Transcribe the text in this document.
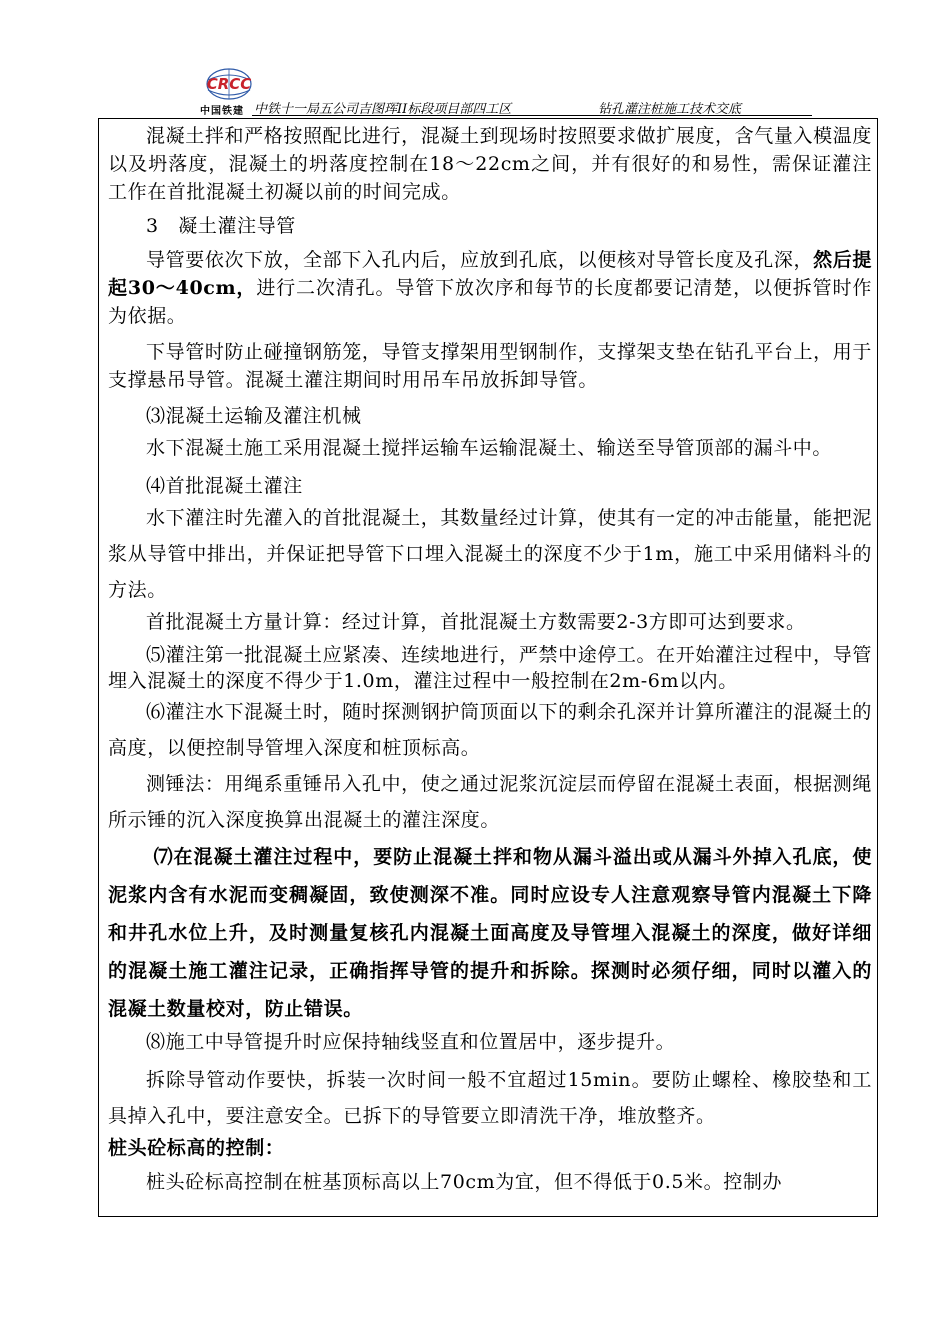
CRCC
中国铁建 中铁十一局五公司吉图珲II标段项目部四工区	钻孔灌注桩施工技术交底

混凝土拌和严格按照配比进行，混凝土到现场时按照要求做扩展度，含气量入模温度以及坍落度，混凝土的坍落度控制在18～22cm之间，并有很好的和易性，需保证灌注工作在首批混凝土初凝以前的时间完成。

3　凝土灌注导管

导管要依次下放，全部下入孔内后，应放到孔底，以便核对导管长度及孔深，然后提起30～40cm，进行二次清孔。导管下放次序和每节的长度都要记清楚，以便拆管时作为依据。

下导管时防止碰撞钢筋笼，导管支撑架用型钢制作，支撑架支垫在钻孔平台上，用于支撑悬吊导管。混凝土灌注期间时用吊车吊放拆卸导管。

⑶混凝土运输及灌注机械

水下混凝土施工采用混凝土搅拌运输车运输混凝土、输送至导管顶部的漏斗中。

⑷首批混凝土灌注

水下灌注时先灌入的首批混凝土，其数量经过计算，使其有一定的冲击能量，能把泥浆从导管中排出，并保证把导管下口埋入混凝土的深度不少于1m，施工中采用储料斗的方法。

首批混凝土方量计算：经过计算，首批混凝土方数需要2-3方即可达到要求。

⑸灌注第一批混凝土应紧凑、连续地进行，严禁中途停工。在开始灌注过程中，导管埋入混凝土的深度不得少于1.0m，灌注过程中一般控制在2m-6m以内。

⑹灌注水下混凝土时，随时探测钢护筒顶面以下的剩余孔深并计算所灌注的混凝土的高度，以便控制导管埋入深度和桩顶标高。

测锤法：用绳系重锤吊入孔中，使之通过泥浆沉淀层而停留在混凝土表面，根据测绳所示锤的沉入深度换算出混凝土的灌注深度。

⑺在混凝土灌注过程中，要防止混凝土拌和物从漏斗溢出或从漏斗外掉入孔底，使泥浆内含有水泥而变稠凝固，致使测深不准。同时应设专人注意观察导管内混凝土下降和井孔水位上升，及时测量复核孔内混凝土面高度及导管埋入混凝土的深度，做好详细的混凝土施工灌注记录，正确指挥导管的提升和拆除。探测时必须仔细，同时以灌入的混凝土数量校对，防止错误。

⑻施工中导管提升时应保持轴线竖直和位置居中，逐步提升。

拆除导管动作要快，拆装一次时间一般不宜超过15min。要防止螺栓、橡胶垫和工具掉入孔中，要注意安全。已拆下的导管要立即清洗干净，堆放整齐。

桩头砼标高的控制：

桩头砼标高控制在桩基顶标高以上70cm为宜，但不得低于0.5米。控制办
